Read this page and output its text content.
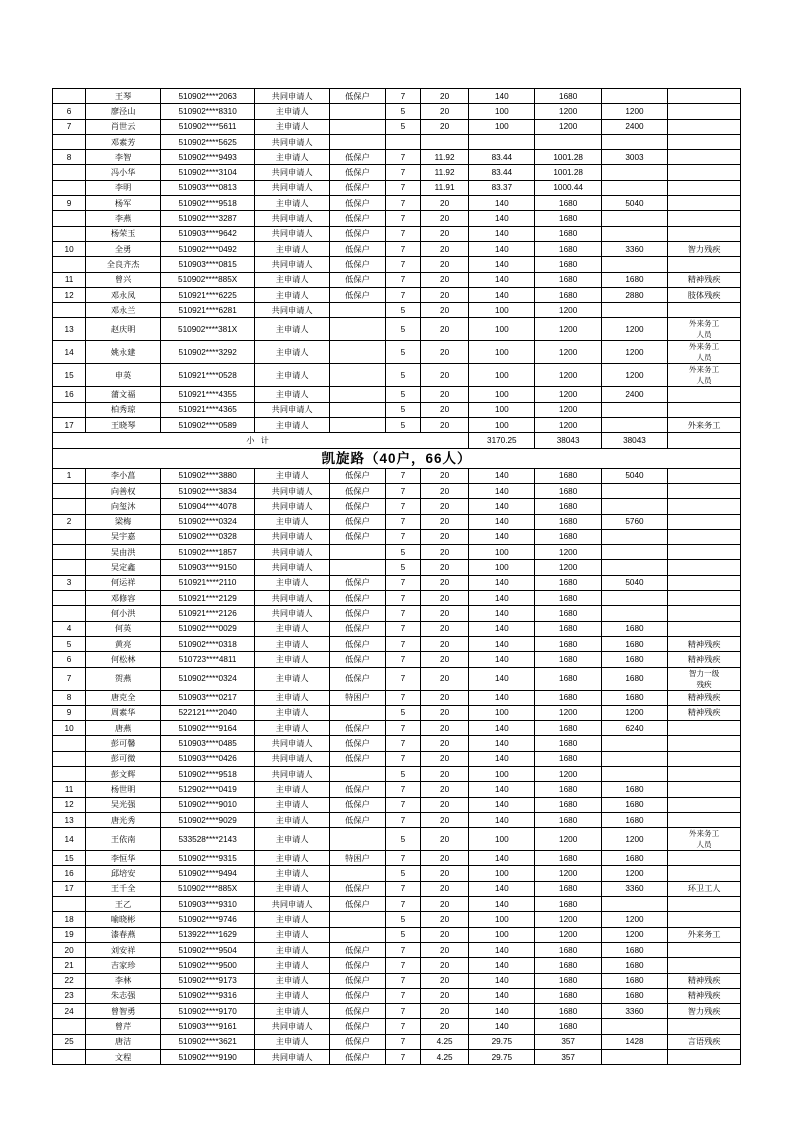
	王琴	510902****2063	共同申请人	低保户	7	20	140	1680		
6	廖泾山	510902****8310	主申请人		5	20	100	1200	1200	
7	肖世云	510902****5611	主申请人		5	20	100	1200	2400	
	邓素芳	510902****5625	共同申请人							
8	李智	510902****9493	主申请人	低保户	7	11.92	83.44	1001.28	3003	
	冯小华	510902****3104	共同申请人	低保户	7	11.92	83.44	1001.28		
	李明	510903****0813	共同申请人	低保户	7	11.91	83.37	1000.44		
9	杨军	510902****9518	主申请人	低保户	7	20	140	1680	5040	
	李燕	510902****3287	共同申请人	低保户	7	20	140	1680		
	杨荣玉	510903****9642	共同申请人	低保户	7	20	140	1680		
10	全勇	510902****0492	主申请人	低保户	7	20	140	1680	3360	智力残疾
	全良齐杰	510903****0815	共同申请人	低保户	7	20	140	1680		
11	曾兴	510902****885X	主申请人	低保户	7	20	140	1680	1680	精神残疾
12	邓永凤	510921****6225	主申请人	低保户	7	20	140	1680	2880	肢体残疾
	邓永兰	510921****6281	共同申请人		5	20	100	1200		
13	赵庆明	510902****381X	主申请人		5	20	100	1200	1200	外来务工
人员

14	姚永建	510902****3292	主申请人		5	20	100	1200	1200	外来务工
人员

15	申英	510921****0528	主申请人		5	20	100	1200	1200	外来务工
人员

16	蒲文福	510921****4355	主申请人		5	20	100	1200	2400	
	柏秀琼	510921****4365	共同申请人		5	20	100	1200		
17	王晓琴	510902****0589	主申请人		5	20	100	1200		外来务工
小计							3170.25	38043	38043	
凯旋路（40户，66人）										
1	李小菖	510902****3880	主申请人	低保户	7	20	140	1680	5040	
	向善权	510902****3834	共同申请人	低保户	7	20	140	1680		
	向玺沐	510904****4078	共同申请人	低保户	7	20	140	1680		
2	梁梅	510902****0324	主申请人	低保户	7	20	140	1680	5760	
	吴宇嘉	510902****0328	共同申请人	低保户	7	20	140	1680		
	吴由洪	510902****1857	共同申请人		5	20	100	1200		
	吴定鑫	510903****9150	共同申请人		5	20	100	1200		
3	何运祥	510921****2110	主申请人	低保户	7	20	140	1680	5040	
	邓修容	510921****2129	共同申请人	低保户	7	20	140	1680		
	何小洪	510921****2126	共同申请人	低保户	7	20	140	1680		
4	何英	510902****0029	主申请人	低保户	7	20	140	1680	1680	
5	黄亮	510902****0318	主申请人	低保户	7	20	140	1680	1680	精神残疾
6	何松林	510723****4811	主申请人	低保户	7	20	140	1680	1680	精神残疾
7	贺燕	510902****0324	主申请人	低保户	7	20	140	1680	1680	智力一级
残疾

8	唐克全	510903****0217	主申请人	特困户	7	20	140	1680	1680	精神残疾
9	周素华	522121****2040	主申请人		5	20	100	1200	1200	精神残疾
10	唐燕	510902****9164	主申请人	低保户	7	20	140	1680	6240	
	彭可馨	510903****0485	共同申请人	低保户	7	20	140	1680		
	彭可微	510903****0426	共同申请人	低保户	7	20	140	1680		
	彭文辉	510902****9518	共同申请人		5	20	100	1200		
11	杨世明	512902****0419	主申请人	低保户	7	20	140	1680	1680	
12	吴光强	510902****9010	主申请人	低保户	7	20	140	1680	1680	
13	唐光秀	510902****9029	主申请人	低保户	7	20	140	1680	1680	
14	王依南	533528****2143	主申请人		5	20	100	1200	1200	外来务工
人员

15	李恒华	510902****9315	主申请人	特困户	7	20	140	1680	1680	
16	邱培安	510902****9494	主申请人		5	20	100	1200	1200	
17	王千全	510902****885X	主申请人	低保户	7	20	140	1680	3360	环卫工人
	王乙	510903****9310	共同申请人	低保户	7	20	140	1680		
18	喻晓彬	510902****9746	主申请人		5	20	100	1200	1200	
19	漆春燕	513922****1629	主申请人		5	20	100	1200	1200	外来务工
20	刘安祥	510902****9504	主申请人	低保户	7	20	140	1680	1680	
21	吉家珍	510902****9500	主申请人	低保户	7	20	140	1680	1680	
22	李林	510902****9173	主申请人	低保户	7	20	140	1680	1680	精神残疾
23	朱志强	510902****9316	主申请人	低保户	7	20	140	1680	1680	精神残疾
24	曾智勇	510902****9170	主申请人	低保户	7	20	140	1680	3360	智力残疾
	曾芹	510903****9161	共同申请人	低保户	7	20	140	1680		
25	唐洁	510902****3621	主申请人	低保户	7	4.25	29.75	357	1428	言语残疾
	文程	510902****9190	共同申请人	低保户	7	4.25	29.75	357		
